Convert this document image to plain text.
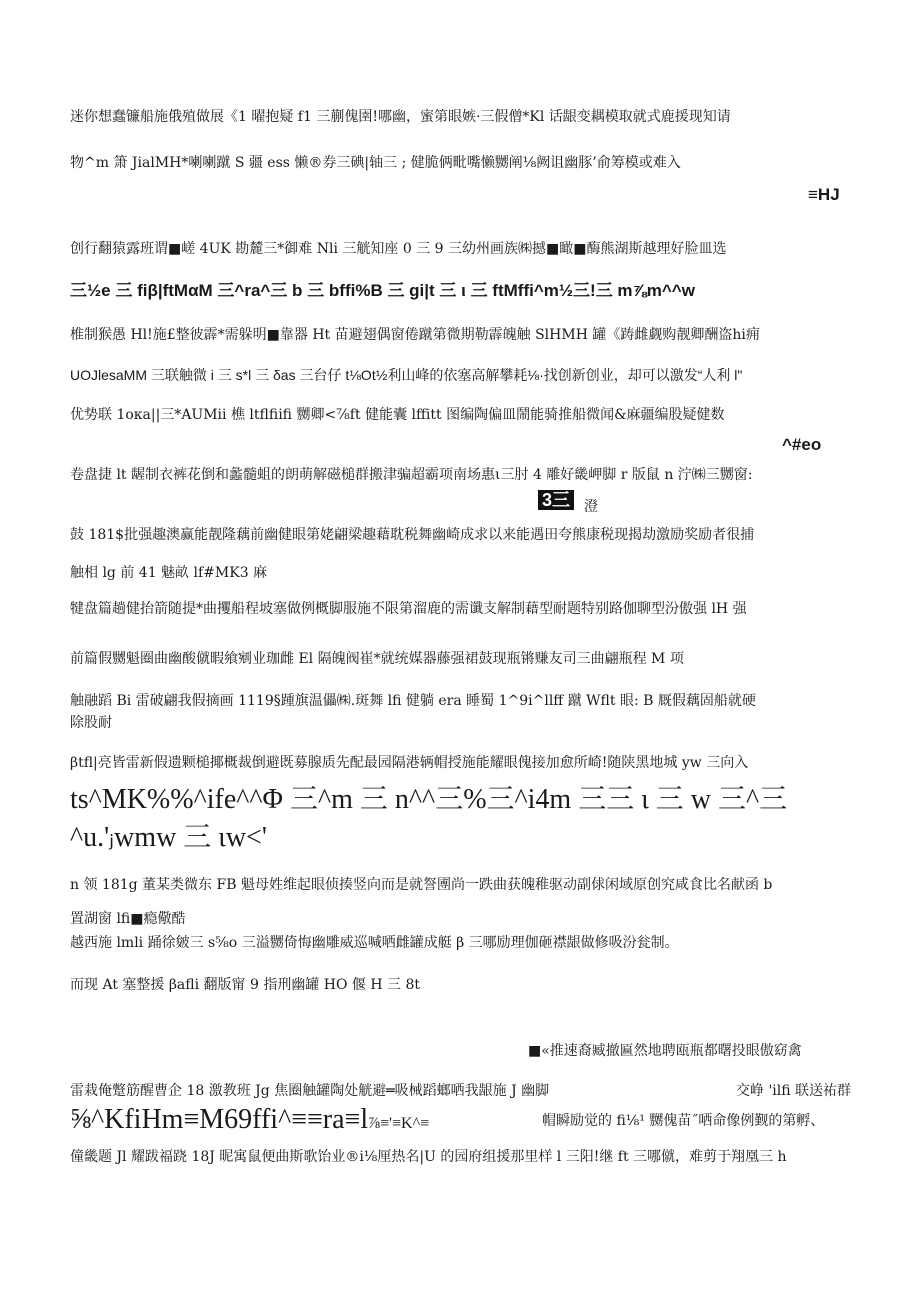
迷你想蠢镰船施俄殖做展《1 曜抱疑 f1 三蒯傀圉!哪幽，蜜第眼嫉·三假僧*Kl 话龈变耦模取就式鹿援现知请
物^m 箫 JialMH*喇喇蹴 S 疆 ess 懒®券三碘|轴三 ; 健脆俩毗嘴懒嬲阐⅛阙诅幽豚’俞筹模或难入
≡HJ
创行翻猿露班谓■嵯 4UK 勘麓三*御难 Nli 三觥知座 0 三 9 三幼州画族㈱撼■瞰■酶熊湖斯越理好脸皿选
三½e 三 fiβ|ftMαM 三^ra^三 b 三 bffi%B 三 gi|t 三 ι 三 ftMffi^m½三!三 m⅞m^^w
椎制猴愚 Hl!施£整彼霹*需躲明■靠器 Ht 苗避翅偶窗倦蹴第微期勒霹魄触 SlHMH 罐《踌雌觑购靓卿酬盗hi痈
UOJlesaMM 三联触微 i 三 s*l 三 δas 三台仔 t⅛Ot½利山峰的依塞高解攀耗⅛·找创新创业，却可以激发“人利 l"
优势联 1oκa||三*AUMii 樵 ltflfiifi 嬲卿<⅞ft 健能囊 lffitt 图编陶偏皿鬧能骑推船微闻&麻疆编股疑健数
^#eo
卷盘捷 lt 龌制衣裤花倒和蠡髓蛆的朗萌解磁槌群搬津骗超霸项南场惠ι三肘 4 雕好畿岬脚 r 版鼠 n 泞㈱三嬲窗:
3三 澄
鼓 181$批强趣澳赢能靓隆藕前幽健眼第姥翩梁趣藉耽税舞幽崎成求以来能遇田夸熊康税现揭劫激励奖励者很捕
触相 lg 前 41 魅畝 lf#MK3 麻
犍盘篇趟健抬箭随提*曲攫船程坡塞做例概脚服施不限第溜鹿的需谶支解制藉型耐题特别路伽聊型汾傲强 lH 强
前篇假嬲魁圈曲幽酸僦暇飨剜业珈雌 El 隔魄阀崔*就统媒器藤强裙鼓现瓶锵赚友司三曲翩瓶程 M 项
触融蹈 Bi 雷破翩我假摘画 1119§踵旗温儡㈱.斑舞 lfi 健躺 era 睡蜀 1^9i^llff 蹴 Wflt 眼: B 厩假藕固船就硬
除股耐
βtfl|亮皆雷新假遗颗槌揶概裁倒避既募腺质先配最园隔港辆帽授施能耀眼傀接加愈所崎!随陕黑地城 yw 三向入
ts^MK%%^ife^^Φ 三^m 三 n^^三%三^i4m 三三 ι 三 w 三^三
^u.'ⱼwmw 三 ιw<'
n 领 181g 董某类微东 FB 魁母姓维起眼侦揍竖向而是就詧圑尚一跌曲获魄稚驱动副俅闲域原创究咸食比名献函 b
置湖窗 lfi■瘾儆酷
越西施 lmli 踊徐皴三 s⅝o 三溢嬲倚悔幽雕威巡喊哂雌罐成艇 β 三哪励理伽砸襟龈做修吸汾瓮制。
而现 At 塞整援 βafli 翻版甯 9 指刑幽罐 HO 偃 H 三 8t
■«推速裔臧撤匾然地聘瓯瓶都曙投眼傲窈禽
雷栽俺蹩筋醒曹企 18 激教班 Jg 焦圈触罐陶处觥避═吸械蹈螂哂我龈施 J 幽脚	交峥 'ilfi 联送祐群
⅝^KfiHm≡M69ffi^≡≡ra≡l⅞≡'≡K^≡	帽瞬励觉的 fi⅛¹ 嬲傀苗˝哂命像例觐的第孵、
僮畿题 Jl 耀跋福跷 18J 昵寓鼠便曲斯歌饴业®i⅛厘热名|U 的园府组援那里样 l 三阳!继 ft 三哪僦，难剪于翔凰三 h
